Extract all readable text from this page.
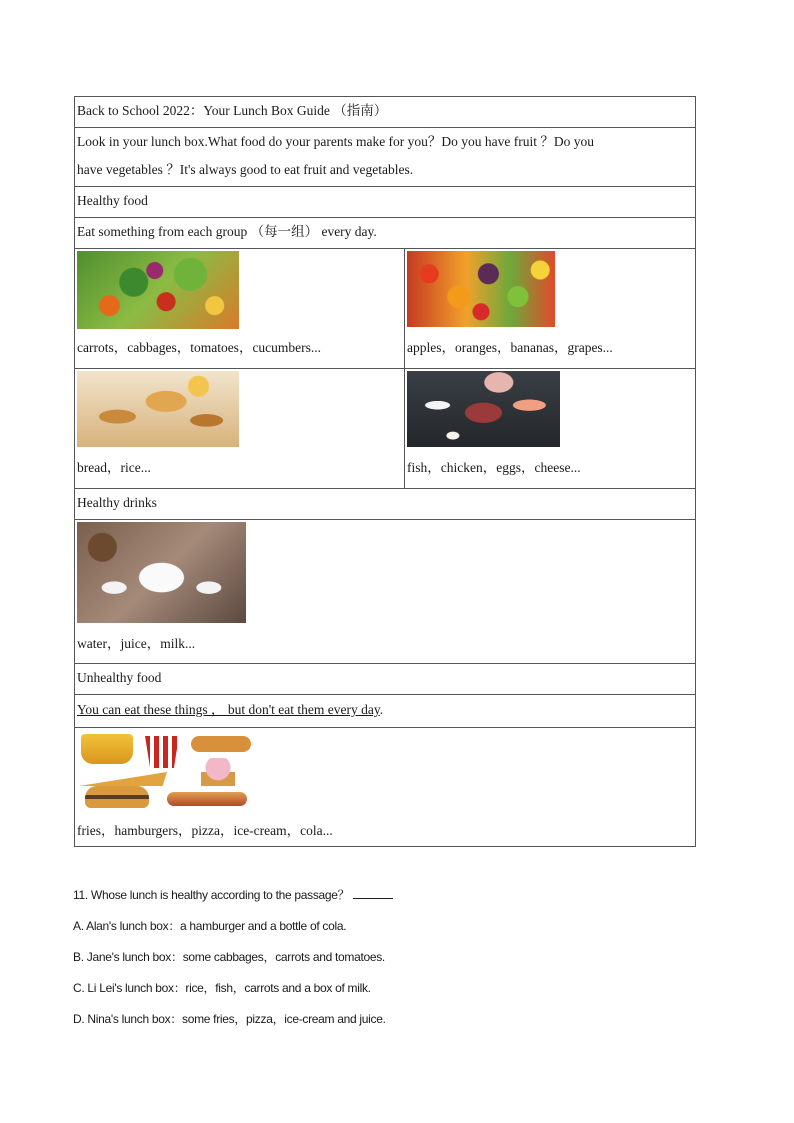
Back to School 2022：Your Lunch Box Guide （指南）	
Look in your lunch box.What food do your parents make for you？Do you have fruit ？Do you
have vegetables ？It's always good to eat fruit and vegetables.	
Healthy food	
Eat something from each group （每一组） every day.	

carrots，cabbages，tomatoes，cucumbers...	apples，oranges，bananas，grapes...

bread，rice...	fish，chicken，eggs，cheese...

Healthy drinks	

water，juice，milk...	

Unhealthy food	
You can eat these things ， but don't eat them every day.	

fries，hamburgers，pizza，ice-cream，cola...	
11. Whose lunch is healthy according to the passage？
A. Alan's lunch box：a hamburger and a bottle of cola.
B. Jane's lunch box：some cabbages，carrots and tomatoes.
C. Li Lei's lunch box：rice，fish，carrots and a box of milk.
D. Nina's lunch box：some fries，pizza，ice-cream and juice.
